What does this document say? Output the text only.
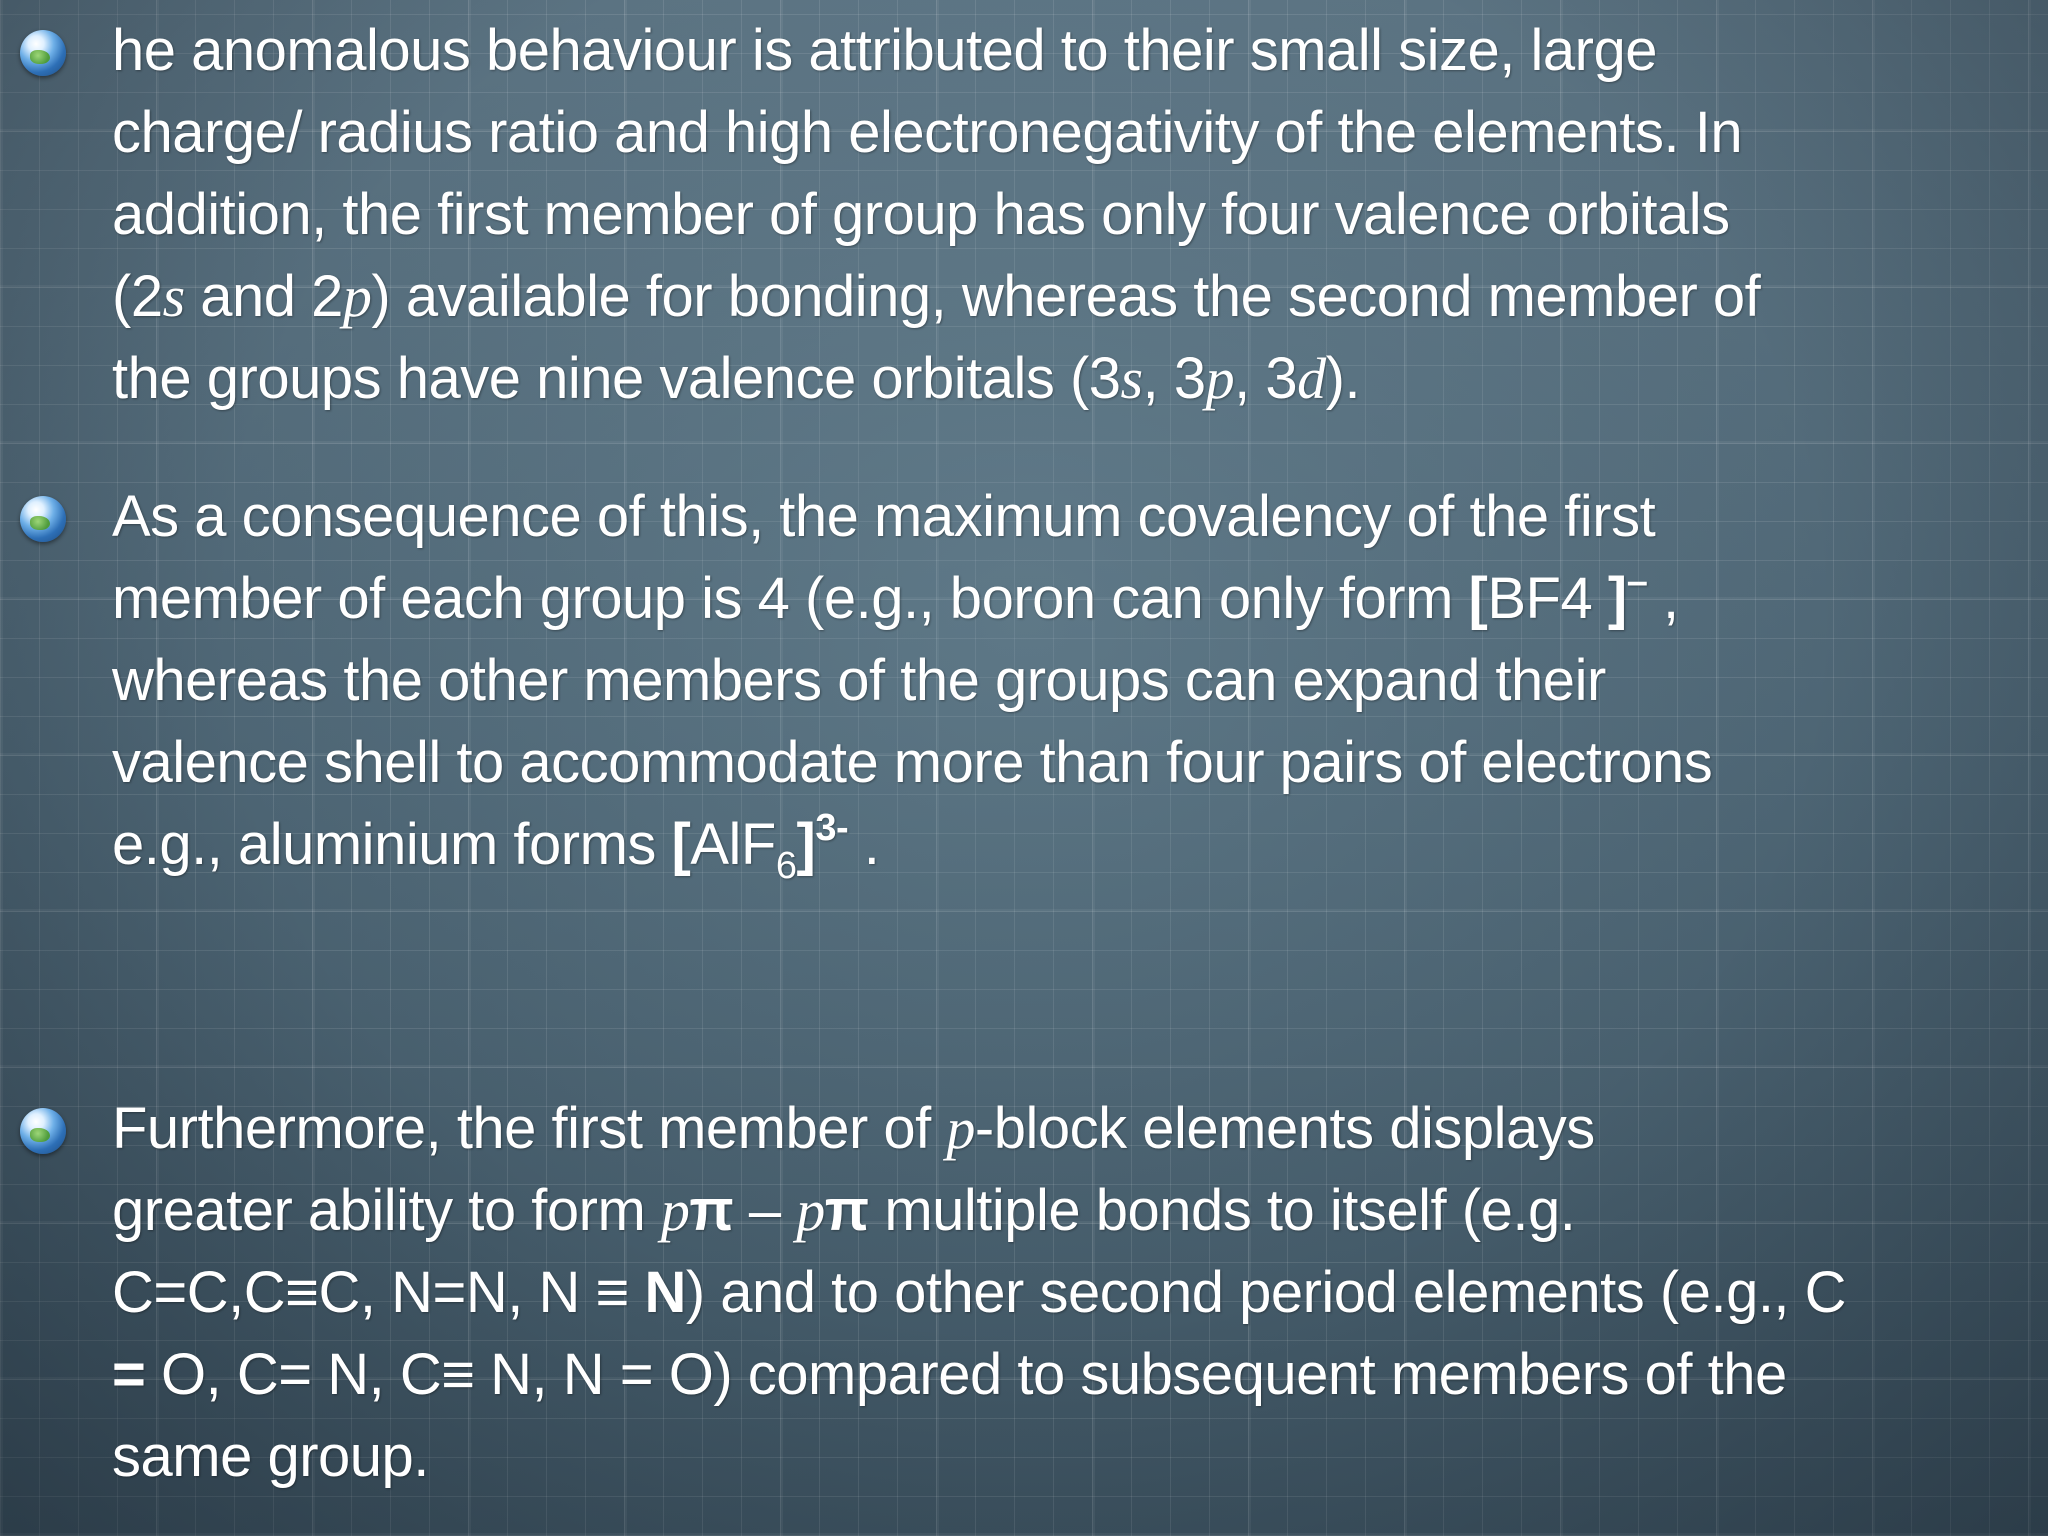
he anomalous behaviour is attributed to their small size, large
charge/ radius ratio and high electronegativity of the elements. In
addition, the first member of group has only four valence orbitals
(2s and 2p) available for bonding, whereas the second member of
the groups have nine valence orbitals (3s, 3p, 3d).

As a consequence of this, the maximum covalency of the first
member of each group is 4 (e.g., boron can only form [BF4 ]– ,
whereas the other members of the groups can expand their
valence shell to accommodate more than four pairs of electrons
e.g., aluminium forms $[AlF_6]^{3-}$ .

Furthermore, the first member of p-block elements displays
greater ability to form pπ – pπ multiple bonds to itself (e.g.
C=C,C≡C, N=N, N ≡ N) and to other second period elements (e.g., C
= O, C= N, C≡ N, N = O) compared to subsequent members of the
same group.
